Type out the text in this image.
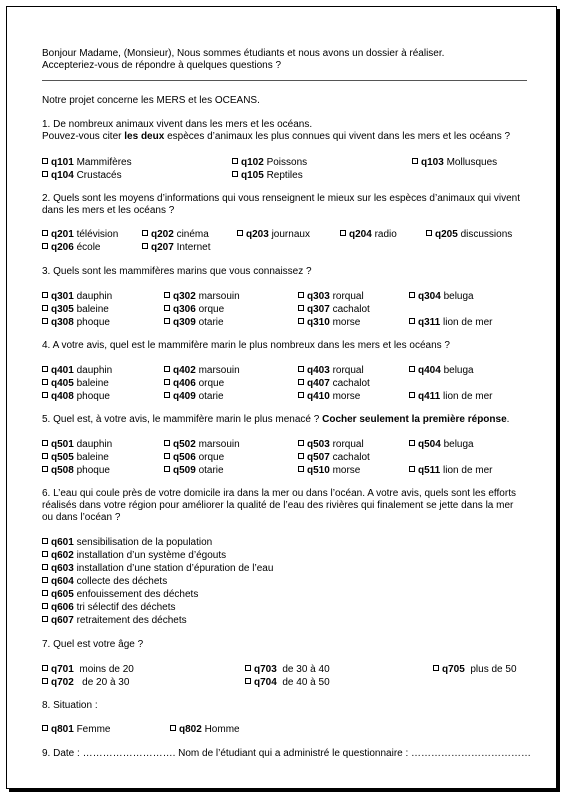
Bonjour Madame, (Monsieur), Nous sommes étudiants et nous avons un dossier à réaliser.
Accepteriez-vous de répondre à quelques questions ?
Notre projet concerne les MERS et les OCEANS.
1. De nombreux animaux vivent dans les mers et les océans.
Pouvez-vous citer les deux espèces d’animaux les plus connues qui vivent dans les mers et les océans ?
q101 Mammifères	q102 Poissons	q103 Mollusques
q104 Crustacés	q105 Reptiles
2. Quels sont les moyens d’informations qui vous renseignent le mieux sur les espèces d’animaux qui vivent
dans les mers et les océans ?
q201 télévision	q202 cinéma	q203 journaux	q204 radio	q205 discussions
q206 école	q207 Internet
3. Quels sont les mammifères marins que vous connaissez ?
q301 dauphin	q302 marsouin	q303 rorqual	q304 beluga
q305 baleine	q306 orque	q307 cachalot
q308 phoque	q309 otarie	q310 morse	q311 lion de mer
4. A votre avis, quel est le mammifère marin le plus nombreux dans les mers et les océans ?
q401 dauphin	q402 marsouin	q403 rorqual	q404 beluga
q405 baleine	q406 orque	q407 cachalot
q408 phoque	q409 otarie	q410 morse	q411 lion de mer
5. Quel est, à votre avis, le mammifère marin le plus menacé ? Cocher seulement la première réponse.
q501 dauphin	q502 marsouin	q503 rorqual	q504 beluga
q505 baleine	q506 orque	q507 cachalot
q508 phoque	q509 otarie	q510 morse	q511 lion de mer
6. L’eau qui coule près de votre domicile ira dans la mer ou dans l’océan. A votre avis, quels sont les efforts
réalisés dans votre région pour améliorer la qualité de l’eau des rivières qui finalement se jette dans la mer
ou dans l’océan ?
q601 sensibilisation de la population
q602 installation d’un système d’égouts
q603 installation d’une station d’épuration de l’eau
q604 collecte des déchets
q605 enfouissement des déchets
q606 tri sélectif des déchets
q607 retraitement des déchets
7. Quel est votre âge ?
q701 moins de 20	q703 de 30 à 40	q705 plus de 50
q702 de 20 à 30	q704 de 40 à 50
8. Situation :
q801 Femme	q802 Homme
9. Date : ………………………. Nom de l’étudiant qui a administré le questionnaire : ………………………………
